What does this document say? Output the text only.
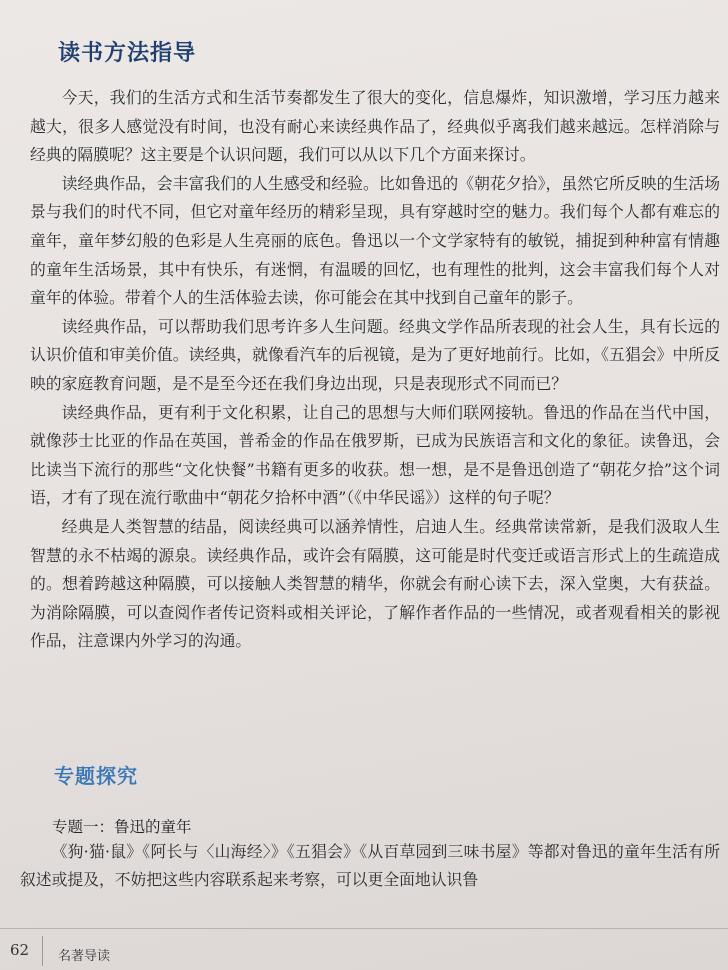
读书方法指导

今天，我们的生活方式和生活节奏都发生了很大的变化，信息爆炸，知识激增，学习压力越来越大，很多人感觉没有时间，也没有耐心来读经典作品了，经典似乎离我们越来越远。怎样消除与经典的隔膜呢？这主要是个认识问题，我们可以从以下几个方面来探讨。

读经典作品，会丰富我们的人生感受和经验。比如鲁迅的《朝花夕拾》，虽然它所反映的生活场景与我们的时代不同，但它对童年经历的精彩呈现，具有穿越时空的魅力。我们每个人都有难忘的童年，童年梦幻般的色彩是人生亮丽的底色。鲁迅以一个文学家特有的敏锐，捕捉到种种富有情趣的童年生活场景，其中有快乐，有迷惘，有温暖的回忆，也有理性的批判，这会丰富我们每个人对童年的体验。带着个人的生活体验去读，你可能会在其中找到自己童年的影子。

读经典作品，可以帮助我们思考许多人生问题。经典文学作品所表现的社会人生，具有长远的认识价值和审美价值。读经典，就像看汽车的后视镜，是为了更好地前行。比如，《五猖会》中所反映的家庭教育问题，是不是至今还在我们身边出现，只是表现形式不同而已？

读经典作品，更有利于文化积累，让自己的思想与大师们联网接轨。鲁迅的作品在当代中国，就像莎士比亚的作品在英国，普希金的作品在俄罗斯，已成为民族语言和文化的象征。读鲁迅，会比读当下流行的那些“文化快餐”书籍有更多的收获。想一想，是不是鲁迅创造了“朝花夕拾”这个词语，才有了现在流行歌曲中“朝花夕拾杯中酒”（《中华民谣》）这样的句子呢？

经典是人类智慧的结晶，阅读经典可以涵养情性，启迪人生。经典常读常新，是我们汲取人生智慧的永不枯竭的源泉。读经典作品，或许会有隔膜，这可能是时代变迁或语言形式上的生疏造成的。想着跨越这种隔膜，可以接触人类智慧的精华，你就会有耐心读下去，深入堂奥，大有获益。为消除隔膜，可以查阅作者传记资料或相关评论，了解作者作品的一些情况，或者观看相关的影视作品，注意课内外学习的沟通。

专题探究
专题一：鲁迅的童年

《狗·猫·鼠》《阿长与〈山海经〉》《五猖会》《从百草园到三味书屋》等都对鲁迅的童年生活有所叙述或提及，不妨把这些内容联系起来考察，可以更全面地认识鲁

62 名著导读
